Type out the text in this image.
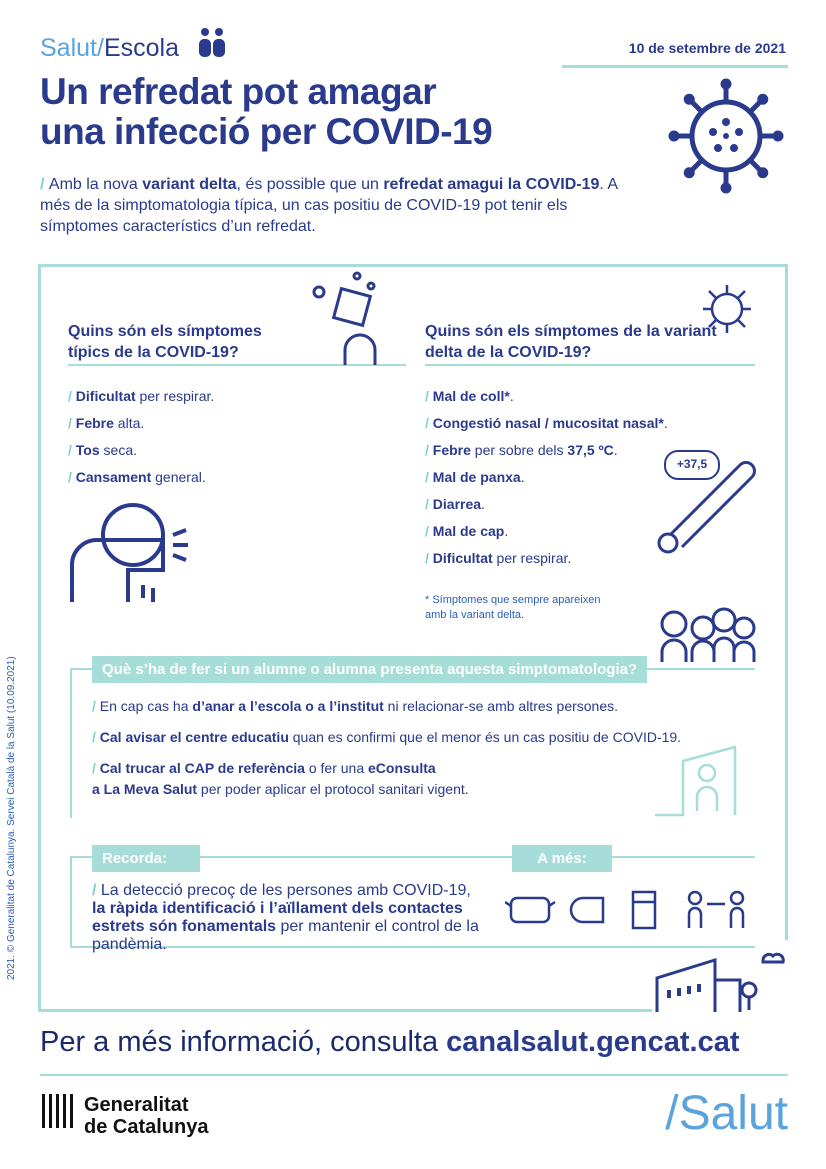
Salut/Escola	10 de setembre de 2021
Un refredat pot amagar
una infecció per COVID-19
/ Amb la nova variant delta, és possible que un refredat amagui la COVID-19. A més de la simptomatologia típica, un cas positiu de COVID-19 pot tenir els símptomes característics d’un refredat.
Quins són els símptomes típics de la COVID-19?
/ Dificultat per respirar.
/ Febre alta.
/ Tos seca.
/ Cansament general.
Quins són els símptomes de la variant delta de la COVID-19?
/ Mal de coll*.
/ Congestió nasal / mucositat nasal*.
/ Febre per sobre dels 37,5 ºC.
/ Mal de panxa.
/ Diarrea.
/ Mal de cap.
/ Dificultat per respirar.
* Símptomes que sempre apareixen amb la variant delta.
+37,5
Què s’ha de fer si un alumne o alumna presenta aquesta simptomatologia?
/ En cap cas ha d’anar a l’escola o a l’institut ni relacionar-se amb altres persones.
/ Cal avisar el centre educatiu quan es confirmi que el menor és un cas positiu de COVID-19.
/ Cal trucar al CAP de referència o fer una eConsulta
a La Meva Salut per poder aplicar el protocol sanitari vigent.
Recorda:	A més:
/ La detecció precoç de les persones amb COVID-19,
la ràpida identificació i l’aïllament dels contactes estrets són fonamentals per mantenir el control de la pandèmia.
Per a més informació, consulta canalsalut.gencat.cat
Generalitat
de Catalunya	/Salut
2021. © Generalitat de Catalunya. Servei Català de la Salut (10.09.2021)
